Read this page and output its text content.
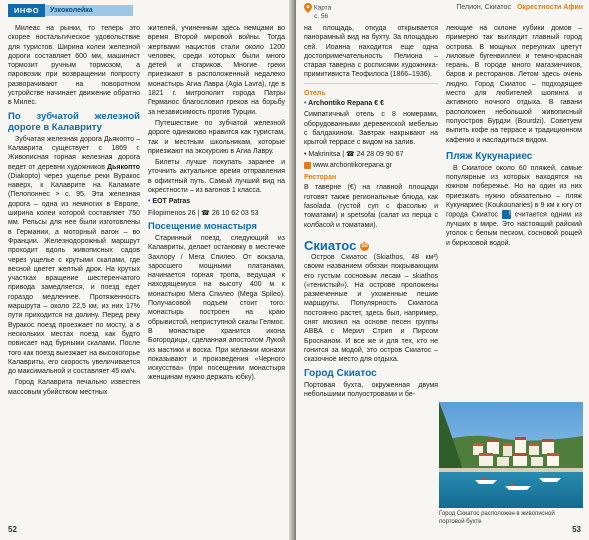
ИНФО	Узкоколейка

Милеас на рынки, то теперь это скорее ностальгическое удовольствие для туристов. Ширина колеи железной дороги составляет 600 мм, машинист тормозит ручным тормозом, а паровозик при возвращении попросту разворачивают на поворотном устройстве начинает движение обратно в Милес.

По зубчатой железной дороге в Калавриту

Зубчатая железная дорога Дьякопто – Калаврита существует с 1869 г. Живописная горная железная дорога ведет от деревни художников Дьякопто (Diakopto) через ущелье реки Вуракос наверх, к Калаврите на Каламате (Пелопоннес > с. 95. Эта железная дорога – одна из немногих в Европе, ширина колеи которой составляет 750 мм. Рельсы для нее были изготовлены в Германии, а моторный вагон – во Франции. Железнодорожный маршрут проходит вдоль живописных садов через ущелье с крутыми скалами, где весной цветет желтый дрок. На крутых участках вращение шестеренчатого привода замедляется, и поезд едет гораздо медленнее. Протяженность маршрута – около 22,5 км, из них 17% пути приходится на долину. Перед реку Вуракос поезд проезжает по мосту, а в нескольких местах поезд как будто повисает над бурными скалами. После того как поезд выезжает на высокогорье Калавриты, его скорость увеличивается до максимальной и составляет 45 км/ч.

Город Калаврита печально известен массовым убийством местных

жителей, учиненным здесь немцами во время Второй мировой войны. Тогда жертвами нацистов стали около 1200 человек, среди которых были много детей и стариков. Многие греки приезжают в расположенный недалеко монастырь Агиа Лавра (Agia Lavra), где в 1821 г. митрополит города Патры Германос благословил греков на борьбу за независимость против Турции.

Путешествие по зубчатой железной дороге одинаково нравится как туристам, так и местным школьникам, которые приезжают на экскурсию в Агиа Лавру.

Билеты лучше покупать заранее и уточнить актуальное время отправления в офиктный путь. Самый лучший вид на окрестности – из вагонов 1 класса.

• EOT Patras

Filopimenos 26 | ☎ 26 10 62 03 53

Посещение монастыря

Старинный поезд, следующий из Калавриты, делает остановку в местечке Захлору / Мега Спилео. От вокзала, заросшего мощными платанами, начинается горная тропа, ведущая к находящемуся на высоту 400 м к монастырю Мега Спилео (Mega Spileo). Получасовой подъем стоит того: монастырь построен на краю обрывистой, неприступной скалы Гелмос. В монастыре хранится икона Богородицы, сделанная апостолом Лукой из мастики и воска. При желании монахи показывают и произведения «Черного искусства» (при посещении монастыря женщинам нужно держать юбку).

52
Карта
с. 56
Пелион, Скиатос Окрестности Афин

на площадь, откуда открывается панорамный вид на бухту. За площадью сей. Иоанна находится еще одна достопримечательность Пелиона – старая таверна с росписями художника-примитивиста Теофилоса (1866–1936).

Отель

• Archontiko Repana € €

Симпатичный отель с 8 номерами, оборудованными деревенской мебелью с балдахином. Завтрак накрывают на крытой террасе с видом на залив.

• Makrinitsa | ☎ 24 28 09 90 67

www.archontikorepana.gr

Ресторан

В таверне (€) на главной площади готовят также региональные блюда, как fasolada (густой суп с фасолью и томатами) и spetsofai (салат из перца с колбасой и томатами).

Скиатос 10

Остров Скиатос (Skiathos, 48 км²) своим названием обязан покрывающим его густым сосновым лесам – skiathos («тенистый»). На острове проложены размеченные и ухоженные пешие маршруты. Популярность Скиатоса постоянно растет, здесь был, например, снят мюзикл на основе песен группы ABBA с Мерил Стрип и Пирсом Броснаном. И все же и для тех, кто не гонится за модой, это остров Скиатос – сказочное место для отдыха.

Город Скиатос

Портовая бухта, окруженная двумя небольшими полуостровами и бе-

леющие на склоне кубики домов – примерно так выглядит главный город острова. В мощных переулках цветут лиловые бугенвиллеи и темно-красная герань. В городе много магазинчиков, баров и ресторанов. Летом здесь очень людно. Город Скиатос – подходящее место для любителей шопинга и активного ночного отдыха. В гавани расположен небольшой живописный полуостров Бурдзи (Bourdzi). Советуем выпить кофе на террасе и традиционном кафенио и насладиться видом.

Пляж Кукунариес

В Скиатосе около 60 пляжей, самые популярные из которых находятся на южном побережье. Но на один из них приезжать нужно обязательно – пляж Кукунариес (Koukounaries) в 9 км к югу от города Скиатос ! считается одним из лучших в мире. Это настоящий райский уголок с белым песком, сосновой рощей и бирюзовой водой.

Город Скиатос расположен в живописной портовой бухте
53
